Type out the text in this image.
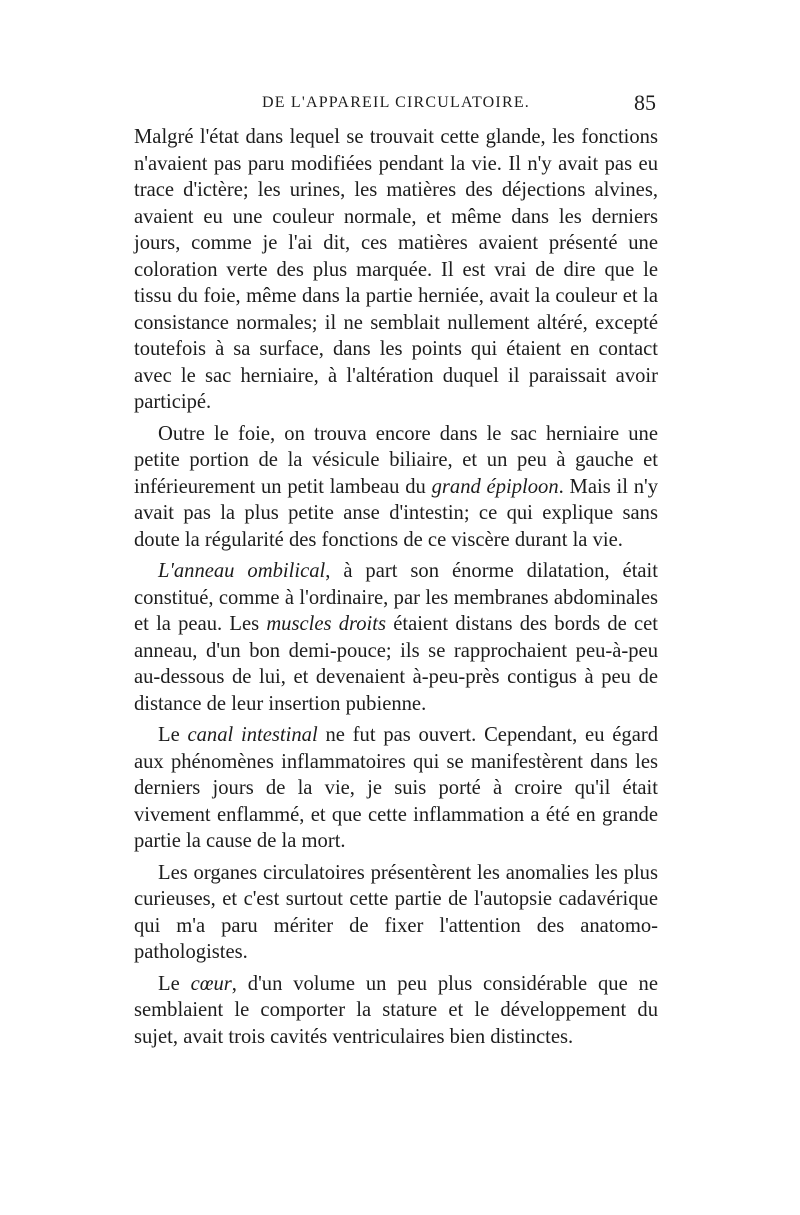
DE L'APPAREIL CIRCULATOIRE.	85

Malgré l'état dans lequel se trouvait cette glande, les fonctions n'avaient pas paru modifiées pendant la vie. Il n'y avait pas eu trace d'ictère; les urines, les matières des déjections alvines, avaient eu une couleur normale, et même dans les derniers jours, comme je l'ai dit, ces matières avaient présenté une coloration verte des plus marquée. Il est vrai de dire que le tissu du foie, même dans la partie herniée, avait la couleur et la consistance normales; il ne semblait nullement altéré, excepté toutefois à sa surface, dans les points qui étaient en contact avec le sac herniaire, à l'altération duquel il paraissait avoir participé.

Outre le foie, on trouva encore dans le sac herniaire une petite portion de la vésicule biliaire, et un peu à gauche et inférieurement un petit lambeau du grand épiploon. Mais il n'y avait pas la plus petite anse d'intestin; ce qui explique sans doute la régularité des fonctions de ce viscère durant la vie.

L'anneau ombilical, à part son énorme dilatation, était constitué, comme à l'ordinaire, par les membranes abdominales et la peau. Les muscles droits étaient distans des bords de cet anneau, d'un bon demi-pouce; ils se rapprochaient peu-à-peu au-dessous de lui, et devenaient à-peu-près contigus à peu de distance de leur insertion pubienne.

Le canal intestinal ne fut pas ouvert. Cependant, eu égard aux phénomènes inflammatoires qui se manifestèrent dans les derniers jours de la vie, je suis porté à croire qu'il était vivement enflammé, et que cette inflammation a été en grande partie la cause de la mort.

Les organes circulatoires présentèrent les anomalies les plus curieuses, et c'est surtout cette partie de l'autopsie cadavérique qui m'a paru mériter de fixer l'attention des anatomo-pathologistes.

Le cœur, d'un volume un peu plus considérable que ne semblaient le comporter la stature et le développement du sujet, avait trois cavités ventriculaires bien distinctes.
